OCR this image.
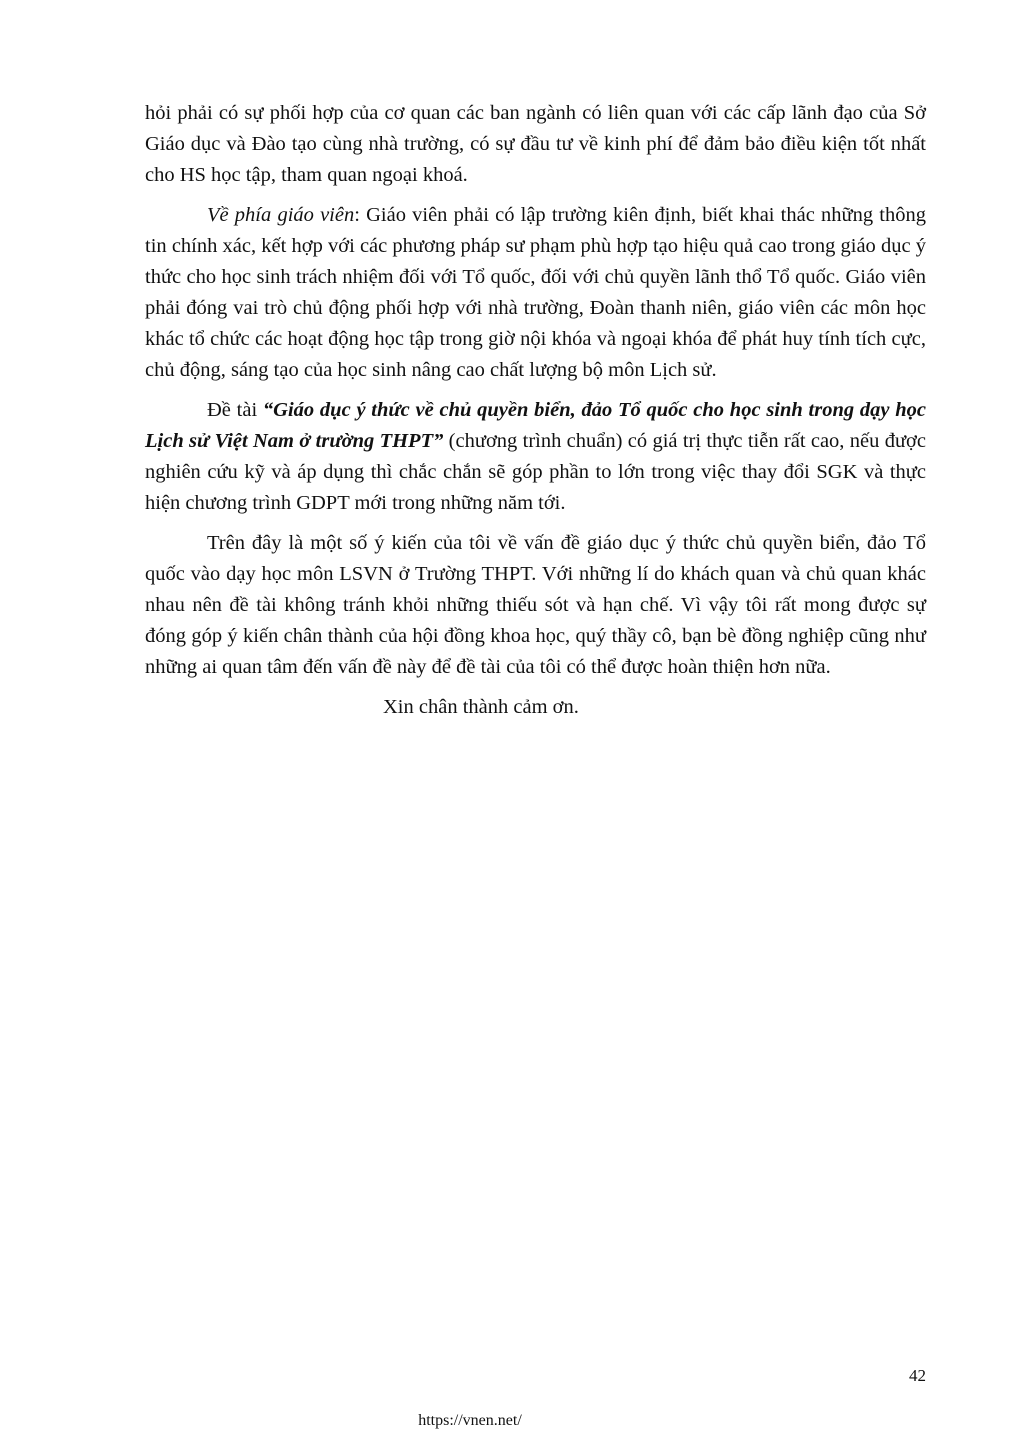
hỏi phải có sự phối hợp của cơ quan các ban ngành có liên quan với các cấp lãnh đạo của Sở Giáo dục và Đào tạo cùng nhà trường, có sự đầu tư về kinh phí để đảm bảo điều kiện tốt nhất cho HS học tập, tham quan ngoại khoá.

Về phía giáo viên: Giáo viên phải có lập trường kiên định, biết khai thác những thông tin chính xác, kết hợp với các phương pháp sư phạm phù hợp tạo hiệu quả cao trong giáo dục ý thức cho học sinh trách nhiệm đối với Tổ quốc, đối với chủ quyền lãnh thổ Tổ quốc. Giáo viên phải đóng vai trò chủ động phối hợp với nhà trường, Đoàn thanh niên, giáo viên các môn học khác tổ chức các hoạt động học tập trong giờ nội khóa và ngoại khóa để phát huy tính tích cực, chủ động, sáng tạo của học sinh nâng cao chất lượng bộ môn Lịch sử.

Đề tài “Giáo dục ý thức về chủ quyền biển, đảo Tổ quốc cho học sinh trong dạy học Lịch sử Việt Nam ở trường THPT” (chương trình chuẩn) có giá trị thực tiễn rất cao, nếu được nghiên cứu kỹ và áp dụng thì chắc chắn sẽ góp phần to lớn trong việc thay đổi SGK và thực hiện chương trình GDPT mới trong những năm tới.

Trên đây là một số ý kiến của tôi về vấn đề giáo dục ý thức chủ quyền biển, đảo Tổ quốc vào dạy học môn LSVN ở Trường THPT. Với những lí do khách quan và chủ quan khác nhau nên đề tài không tránh khỏi những thiếu sót và hạn chế. Vì vậy tôi rất mong được sự đóng góp ý kiến chân thành của hội đồng khoa học, quý thầy cô, bạn bè đồng nghiệp cũng như những ai quan tâm đến vấn đề này để đề tài của tôi có thể được hoàn thiện hơn nữa.

Xin chân thành cảm ơn.

42
https://vnen.net/
